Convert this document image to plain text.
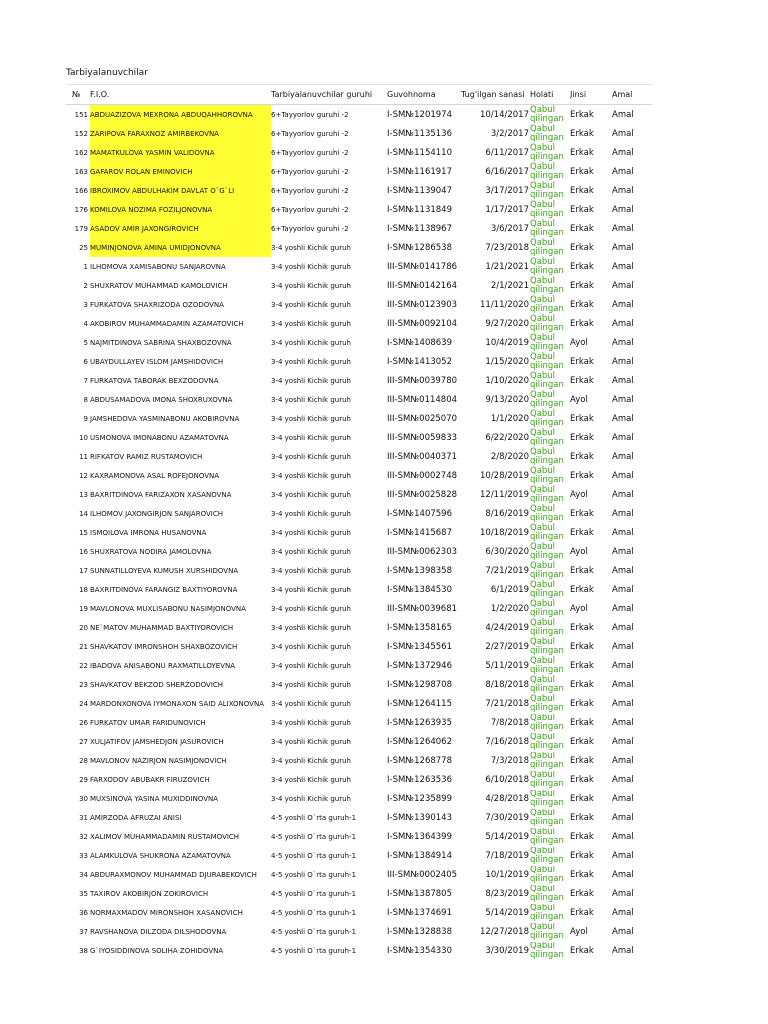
Tarbiyalanuvchilar
№	F.I.O.	Tarbiyalanuvchilar guruhi	Guvohnoma	Tug'ilgan sanasi Holati	Jinsi	Amal
151 ABDUAZIZOVA MEXRONA ABDUQAHHOROVNA	6+Tayyorlov guruhi -2	I-SM№1201974	10/14/2017 Qabul qilingan Erkak	Amal
152 ZARIPOVA FARAXNOZ AMIRBEKOVNA	6+Tayyorlov guruhi -2	I-SM№1135136	3/2/2017 Qabul qilingan Erkak	Amal
162 MAMATKULOVA YASMIN VALIDOVNA	6+Tayyorlov guruhi -2	I-SM№1154110	6/11/2017 Qabul qilingan Erkak	Amal
163 GAFAROV ROLAN EMINOVICH	6+Tayyorlov guruhi -2	I-SM№1161917	6/16/2017 Qabul qilingan Erkak	Amal
166 IBROXIMOV ABDULHAKIM DAVLAT O`G`LI	6+Tayyorlov guruhi -2	I-SM№1139047	3/17/2017 Qabul qilingan Erkak	Amal
176 KOMILOVA NOZIMA FOZILJONOVNA	6+Tayyorlov guruhi -2	I-SM№1131849	1/17/2017 Qabul qilingan Erkak	Amal
179 ASADOV AMIR JAXONGIROVICH	6+Tayyorlov guruhi -2	I-SM№1138967	3/6/2017 Qabul qilingan Erkak	Amal
25 MUMINJONOVA AMINA UMIDJONOVNA	3-4 yoshli Kichik guruh	I-SM№1286538	7/23/2018 Qabul qilingan Erkak	Amal
1 ILHOMOVA XAMISABONU SANJAROVNA	3-4 yoshli Kichik guruh	III-SM№0141786	1/21/2021 Qabul qilingan Erkak	Amal
2 SHUXRATOV MUHAMMAD KAMOLOVICH	3-4 yoshli Kichik guruh	III-SM№0142164	2/1/2021 Qabul qilingan Erkak	Amal
3 FURKATOVA SHAXRIZODA OZODOVNA	3-4 yoshli Kichik guruh	III-SM№0123903	11/11/2020 Qabul qilingan Erkak	Amal
4 AKOBIROV MUHAMMADAMIN AZAMATOVICH	3-4 yoshli Kichik guruh	III-SM№0092104	9/27/2020 Qabul qilingan Erkak	Amal
5 NAJMITDINOVA SABRINA SHAXBOZOVNA	3-4 yoshli Kichik guruh	I-SM№1408639	10/4/2019 Qabul qilingan Ayol	Amal
6 UBAYDULLAYEV ISLOM JAMSHIDOVICH	3-4 yoshli Kichik guruh	I-SM№1413052	1/15/2020 Qabul qilingan Erkak	Amal
7 FURKATOVA TABORAK BEXZODOVNA	3-4 yoshli Kichik guruh	III-SM№0039780	1/10/2020 Qabul qilingan Erkak	Amal
8 ABDUSAMADOVA IMONA SHOXRUXOVNA	3-4 yoshli Kichik guruh	III-SM№0114804	9/13/2020 Qabul qilingan Ayol	Amal
9 JAMSHEDOVA YASMINABONU AKOBIROVNA	3-4 yoshli Kichik guruh	III-SM№0025070	1/1/2020 Qabul qilingan Erkak	Amal
10 USMONOVA IMONABONU AZAMATOVNA	3-4 yoshli Kichik guruh	III-SM№0059833	6/22/2020 Qabul qilingan Erkak	Amal
11 RIFKATOV RAMIZ RUSTAMOVICH	3-4 yoshli Kichik guruh	III-SM№0040371	2/8/2020 Qabul qilingan Erkak	Amal
12 KAXRAMONOVA ASAL ROFEJONOVNA	3-4 yoshli Kichik guruh	III-SM№0002748	10/28/2019 Qabul qilingan Erkak	Amal
13 BAXRITDINOVA FARIZAXON XASANOVNA	3-4 yoshli Kichik guruh	III-SM№0025828	12/11/2019 Qabul qilingan Ayol	Amal
14 ILHOMOV JAXONGIRJON SANJAROVICH	3-4 yoshli Kichik guruh	I-SM№1407596	8/16/2019 Qabul qilingan Erkak	Amal
15 ISMOILOVA IMRONA HUSANOVNA	3-4 yoshli Kichik guruh	I-SM№1415687	10/18/2019 Qabul qilingan Erkak	Amal
16 SHUXRATOVA NODIRA JAMOLOVNA	3-4 yoshli Kichik guruh	III-SM№0062303	6/30/2020 Qabul qilingan Ayol	Amal
17 SUNNATILLOYEVA KUMUSH XURSHIDOVNA	3-4 yoshli Kichik guruh	I-SM№1398358	7/21/2019 Qabul qilingan Erkak	Amal
18 BAXRITDINOVA FARANGIZ BAXTIYOROVNA	3-4 yoshli Kichik guruh	I-SM№1384530	6/1/2019 Qabul qilingan Erkak	Amal
19 MAVLONOVA MUXLISABONU NASIMJONOVNA	3-4 yoshli Kichik guruh	III-SM№0039681	1/2/2020 Qabul qilingan Ayol	Amal
20 NE`MATOV MUHAMMAD BAXTIYOROVICH	3-4 yoshli Kichik guruh	I-SM№1358165	4/24/2019 Qabul qilingan Erkak	Amal
21 SHAVKATOV IMRONSHOH SHAXBOZOVICH	3-4 yoshli Kichik guruh	I-SM№1345561	2/27/2019 Qabul qilingan Erkak	Amal
22 IBADOVA ANISABONU RAXMATILLOYEVNA	3-4 yoshli Kichik guruh	I-SM№1372946	5/11/2019 Qabul qilingan Erkak	Amal
23 SHAVKATOV BEKZOD SHERZODOVICH	3-4 yoshli Kichik guruh	I-SM№1298708	8/18/2018 Qabul qilingan Erkak	Amal
24 MARDONXONOVA IYMONAXON SAID ALIXONOVNA	3-4 yoshli Kichik guruh	I-SM№1264115	7/21/2018 Qabul qilingan Erkak	Amal
26 FURKATOV UMAR FARIDUNOVICH	3-4 yoshli Kichik guruh	I-SM№1263935	7/8/2018 Qabul qilingan Erkak	Amal
27 XULJATIFOV JAMSHEDJON JASUROVICH	3-4 yoshli Kichik guruh	I-SM№1264062	7/16/2018 Qabul qilingan Erkak	Amal
28 MAVLONOV NAZIRJON NASIMJONOVICH	3-4 yoshli Kichik guruh	I-SM№1268778	7/3/2018 Qabul qilingan Erkak	Amal
29 FARXODOV ABUBAKR FIRUZOVICH	3-4 yoshli Kichik guruh	I-SM№1263536	6/10/2018 Qabul qilingan Erkak	Amal
30 MUXSINOVA YASINA MUXIDDINOVNA	3-4 yoshli Kichik guruh	I-SM№1235899	4/28/2018 Qabul qilingan Erkak	Amal
31 AMIRZODA AFRUZAI ANISI	4-5 yoshli O`rta guruh-1	I-SM№1390143	7/30/2019 Qabul qilingan Erkak	Amal
32 XALIMOV MUHAMMADAMIN RUSTAMOVICH	4-5 yoshli O`rta guruh-1	I-SM№1364399	5/14/2019 Qabul qilingan Erkak	Amal
33 ALAMKULOVA SHUKRONA AZAMATOVNA	4-5 yoshli O`rta guruh-1	I-SM№1384914	7/18/2019 Qabul qilingan Erkak	Amal
34 ABDURAXMONOV MUHAMMAD DJURABEKOVICH	4-5 yoshli O`rta guruh-1	III-SM№0002405	10/1/2019 Qabul qilingan Erkak	Amal
35 TAXIROV AKOBIRJON ZOKIROVICH	4-5 yoshli O`rta guruh-1	I-SM№1387805	8/23/2019 Qabul qilingan Erkak	Amal
36 NORMAXMADOV MIRONSHOH XASANOVICH	4-5 yoshli O`rta guruh-1	I-SM№1374691	5/14/2019 Qabul qilingan Erkak	Amal
37 RAVSHANOVA DILZODA DILSHODOVNA	4-5 yoshli O`rta guruh-1	I-SM№1328838	12/27/2018 Qabul qilingan Ayol	Amal
38 G`IYOSIDDINOVA SOLIHA ZOHIDOVNA	4-5 yoshli O`rta guruh-1	I-SM№1354330	3/30/2019 Qabul qilingan Erkak	Amal
